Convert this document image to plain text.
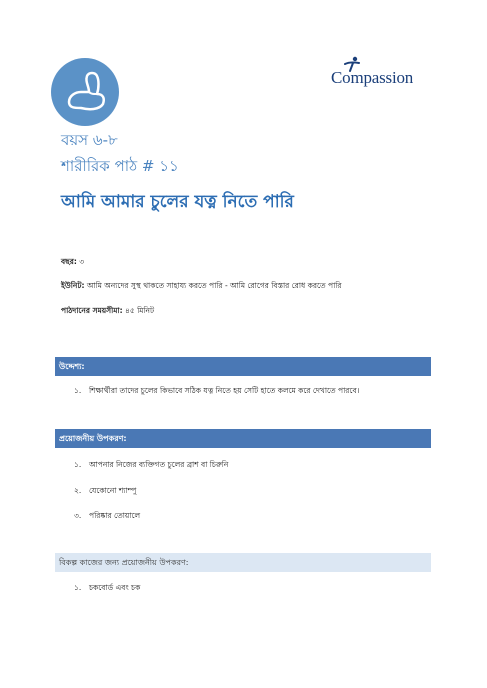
Compassion
বয়স ৬-৮
শারীরিক পাঠ # ১১
আমি আমার চুলের যত্ন নিতে পারি
বছর: ৩
ইউনিট: আমি অন্যদের সুস্থ থাকতে সাহায্য করতে পারি - আমি রোগের বিস্তার রোধ করতে পারি
পাঠদানের সময়সীমা: ৪৫ মিনিট
উদ্দেশ্য:
১. শিক্ষার্থীরা তাদের চুলের কিভাবে সঠিক যত্ন নিতে হয় সেটি হাতে কলমে করে দেখাতে পারবে।
প্রয়োজনীয় উপকরণ:
১. আপনার নিজের ব্যক্তিগত চুলের ব্রাশ বা চিরুনি
২. যেকোনো শ্যাম্পু
৩. পরিষ্কার তোয়ালে
বিকল্প কাজের জন্য প্রয়োজনীয় উপকরণ:
১. চকবোর্ড এবং চক
